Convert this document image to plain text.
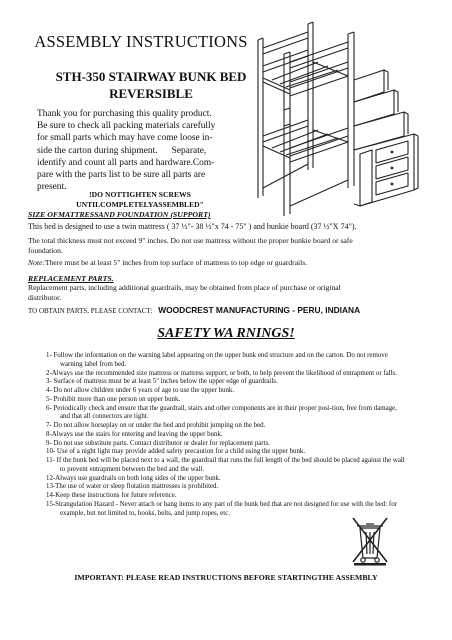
ASSEMBLY INSTRUCTIONS
STH-350 STAIRWAY BUNK BED
REVERSIBLE
Thank you for purchasing this quality product.
Be sure to check all packing materials carefully
for small parts which may have come loose in-
side the carton during shipment.      Separate,
identify and count all parts and hardware.Com-
pare with the parts list to be sure all parts are
present.
!DO NOTTIGHTEN SCREWS
UNTILCOMPLETELYASSEMBLED"
SIZE OFMATTRESSAND FOUNDATION (SUPPORT)
This bed is designed to use a twin mattress ( 37 ½"- 38 ½"x 74 - 75" ) and bunkie board (37 ½"X 74").
The total thickness must not exceed 9" inches. Do not use mattress without the proper bunkie board or safe
foundation.
Note:There must be at least 5" inches from top surface of mattress to top edge or guardrails.
REPLACEMENT PARTS.
Replacement parts, including additional guardrails, may be obtained from place of purchase or original
distributor.
TO OBTAIN PARTS, PLEASE CONTACT: WOODCREST MANUFACTURING - PERU, INDIANA
SAFETY WA RNINGS!
1- Follow the information on the warning label appearing on the upper bunk end structure and on the carton. Do not remove warning label from bed.
2-Always use the recommended size mattress or mattress support, or both, to help prevent the likelihood of entrapment or falls.
3- Surface of mattress must be at least 5" inches below the upper edge of guardrails.
4- Do not allow children under 6 years of age to use the upper bunk.
5- Prohibit more than one person on upper bunk.
6- Periodically check and ensure that the guardrail, stairs and other components are in their proper posi-tion, free from damage, and that all connectors are tight.
7- Do not allow horseplay on or under the bed and prohibit jumping on the bed.
8-Always use the stairs for entering and leaving the upper bunk.
9- Do not use substitute parts. Contact distributor or dealer for replacement parts.
10- Use of a night light may provide added safety precaution for a child using the upper bunk.
11- If the bunk bed will be placed next to a wall, the guardrail that runs the full length of the bed should be placed against the wall to prevent entrapment between the bed and the wall.
12-Always use guardrails on both long sides of the upper bunk.
13-The use of water or sleep flotation mattresses is prohibited.
14-Keep these instructions for future reference.
15-Strangulation Hazard - Never attach or hang items to any part of the bunk bed that are not designed for use with the bed: for example, but not limited to, hooks, belts, and jump ropes, etc.
IMPORTANT: PLEASE READ INSTRUCTIONS BEFORE STARTINGTHE ASSEMBLY
